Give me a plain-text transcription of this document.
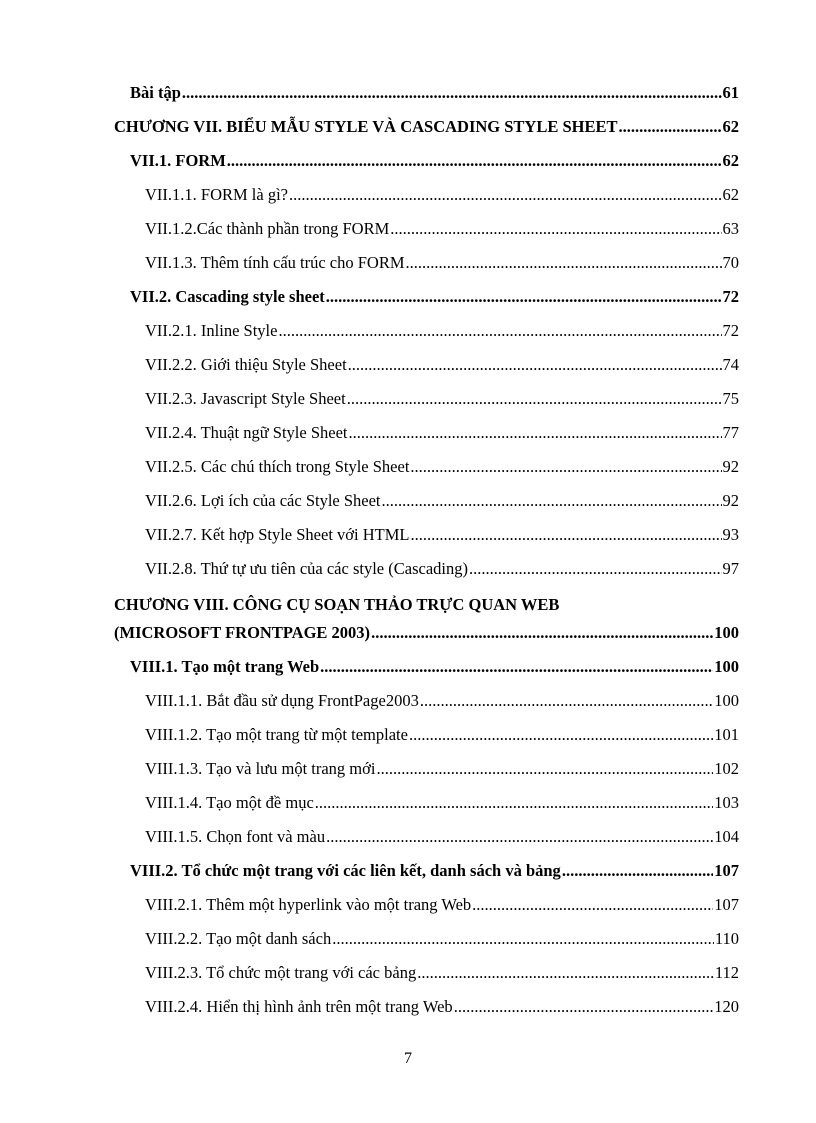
Bài tập .....	61
CHƯƠNG VII. BIỂU MẪU STYLE VÀ CASCADING STYLE SHEET .....	62
VII.1. FORM .....	62
VII.1.1. FORM là gì? .....	62
VII.1.2.Các thành phần trong FORM .....	63
VII.1.3. Thêm tính cấu trúc cho FORM .....	70
VII.2. Cascading style sheet .....	72
VII.2.1. Inline Style .....	72
VII.2.2. Giới thiệu Style Sheet .....	74
VII.2.3. Javascript Style Sheet .....	75
VII.2.4. Thuật ngữ Style Sheet .....	77
VII.2.5. Các chú thích trong Style Sheet .....	92
VII.2.6. Lợi ích của các Style Sheet .....	92
VII.2.7. Kết hợp Style Sheet với HTML .....	93
VII.2.8. Thứ tự ưu tiên của các style (Cascading) .....	97
CHƯƠNG VIII. CÔNG CỤ SOẠN THẢO TRỰC QUAN WEB
(MICROSOFT FRONTPAGE 2003) .....	100
VIII.1. Tạo một trang Web .....	100
VIII.1.1. Bắt đầu sử dụng FrontPage2003 .....	100
VIII.1.2. Tạo một trang từ một template .....	101
VIII.1.3. Tạo và lưu một trang mới .....	102
VIII.1.4. Tạo một đề mục .....	103
VIII.1.5. Chọn font và màu .....	104
VIII.2. Tổ chức một trang với các liên kết, danh sách và bảng .....	107
VIII.2.1. Thêm một hyperlink vào một trang Web .....	107
VIII.2.2. Tạo một danh sách .....	110
VIII.2.3. Tổ chức một trang với các bảng .....	112
VIII.2.4. Hiển thị hình ảnh trên một trang Web .....	120
7
